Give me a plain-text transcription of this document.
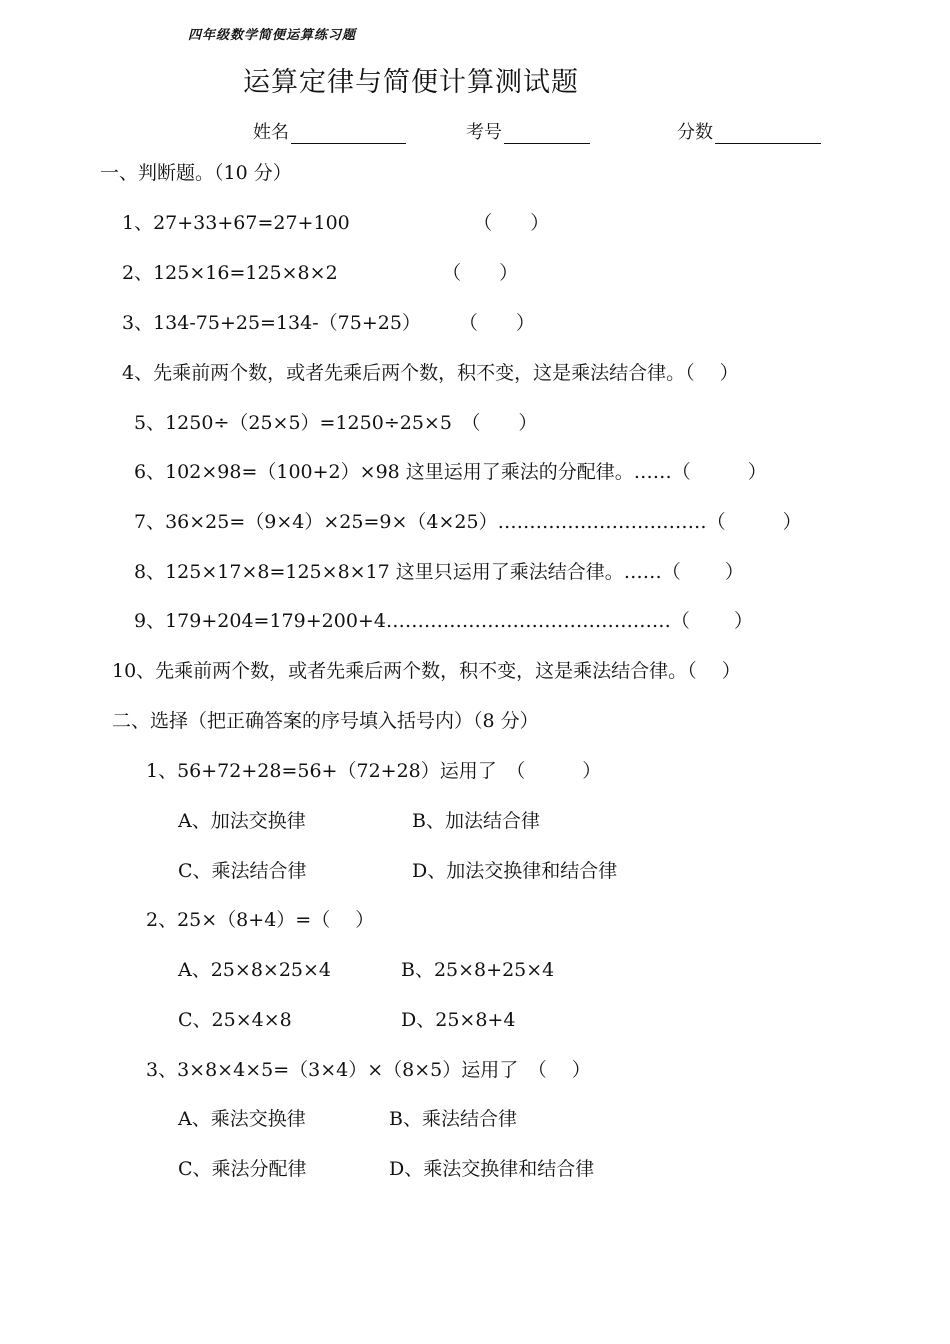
四年级数学简便运算练习题
运算定律与简便计算测试题
姓名	考号	分数
一、判断题。（10 分）
1、27+33+67=27+100　　　　　　　（　　）
2、125×16=125×8×2　　　　　　（　　）
3、134-75+25=134-（75+25）　　　（　　）
4、先乘前两个数，或者先乘后两个数，积不变，这是乘法结合律。（　 ）
5、1250÷（25×5）=1250÷25×5　（　　）
6、102×98=（100+2）×98 这里运用了乘法的分配律。……（　　　）
7、36×25=（9×4）×25=9×（4×25）……………………………（　　　）
8、125×17×8=125×8×17 这里只运用了乘法结合律。……（　　 ）
9、179+204=179+200+4………………………………………（　　 ）
10、先乘前两个数，或者先乘后两个数，积不变，这是乘法结合律。（　 ）
二、选择（把正确答案的序号填入括号内）（8 分）
1、56+72+28=56+（72+28）运用了　（　　　）
A、加法交换律	B、加法结合律
C、乘法结合律	D、加法交换律和结合律
2、25×（8+4）=（　 ）
A、25×8×25×4	B、25×8+25×4
C、25×4×8	D、25×8+4
3、3×8×4×5=（3×4）×（8×5）运用了　（　 ）
A、乘法交换律	B、乘法结合律
C、乘法分配律	D、乘法交换律和结合律
